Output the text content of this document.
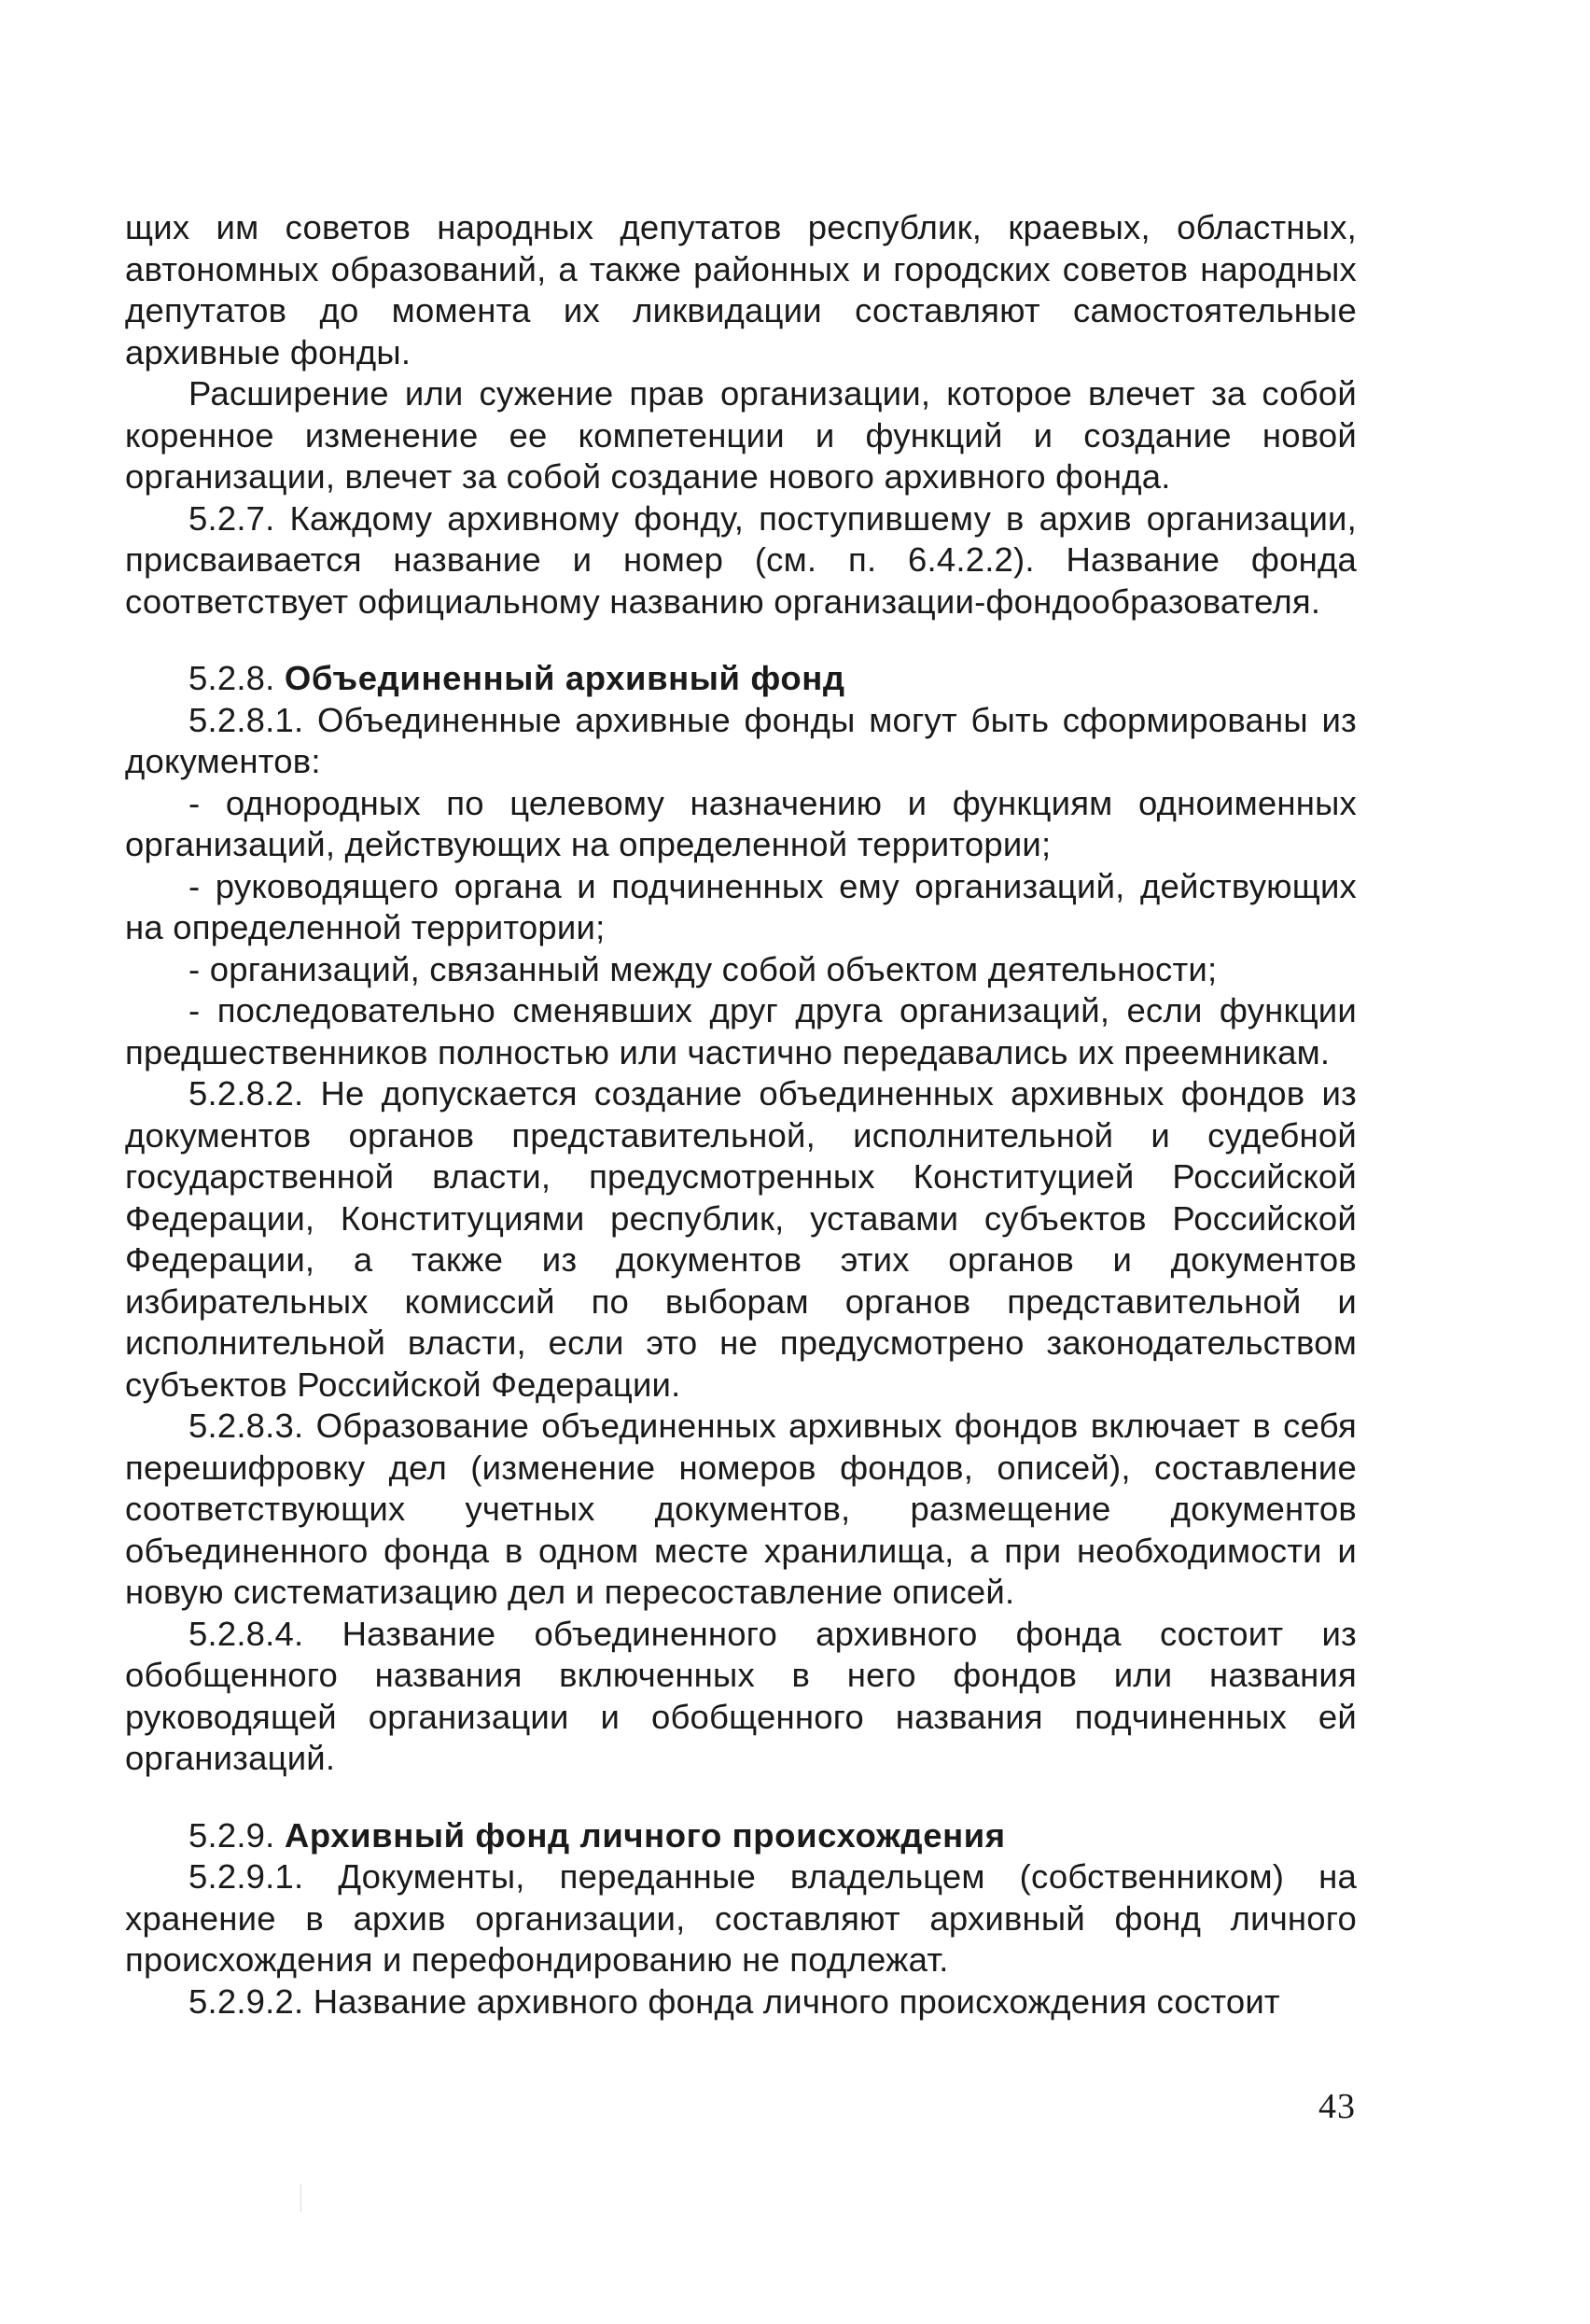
щих им советов народных депутатов республик, краевых, областных, автономных образований, а также районных и городских советов народных депутатов до момента их ликвидации составляют самостоятельные архивные фонды.

Расширение или сужение прав организации, которое влечет за собой коренное изменение ее компетенции и функций и создание новой организации, влечет за собой создание нового архивного фонда.

5.2.7. Каждому архивному фонду, поступившему в архив организации, присваивается название и номер (см. п. 6.4.2.2). Название фонда соответствует официальному названию организации-фондообразователя.

5.2.8. Объединенный архивный фонд

5.2.8.1. Объединенные архивные фонды могут быть сформированы из документов:

- однородных по целевому назначению и функциям одноименных организаций, действующих на определенной территории;

- руководящего органа и подчиненных ему организаций, действующих на определенной территории;

- организаций, связанный между собой объектом деятельности;

- последовательно сменявших друг друга организаций, если функции предшественников полностью или частично передавались их преемникам.

5.2.8.2. Не допускается создание объединенных архивных фондов из документов органов представительной, исполнительной и судебной государственной власти, предусмотренных Конституцией Российской Федерации, Конституциями республик, уставами субъектов Российской Федерации, а также из документов этих органов и документов избирательных комиссий по выборам органов представительной и исполнительной власти, если это не предусмотрено законодательством субъектов Российской Федерации.

5.2.8.3. Образование объединенных архивных фондов включает в себя перешифровку дел (изменение номеров фондов, описей), составление соответствующих учетных документов, размещение документов объединенного фонда в одном месте хранилища, а при необходимости и новую систематизацию дел и пересоставление описей.

5.2.8.4. Название объединенного архивного фонда состоит из обобщенного названия включенных в него фондов или названия руководящей организации и обобщенного названия подчиненных ей организаций.

5.2.9. Архивный фонд личного происхождения

5.2.9.1. Документы, переданные владельцем (собственником) на хранение в архив организации, составляют архивный фонд личного происхождения и перефондированию не подлежат.

5.2.9.2. Название архивного фонда личного происхождения состоит

43
